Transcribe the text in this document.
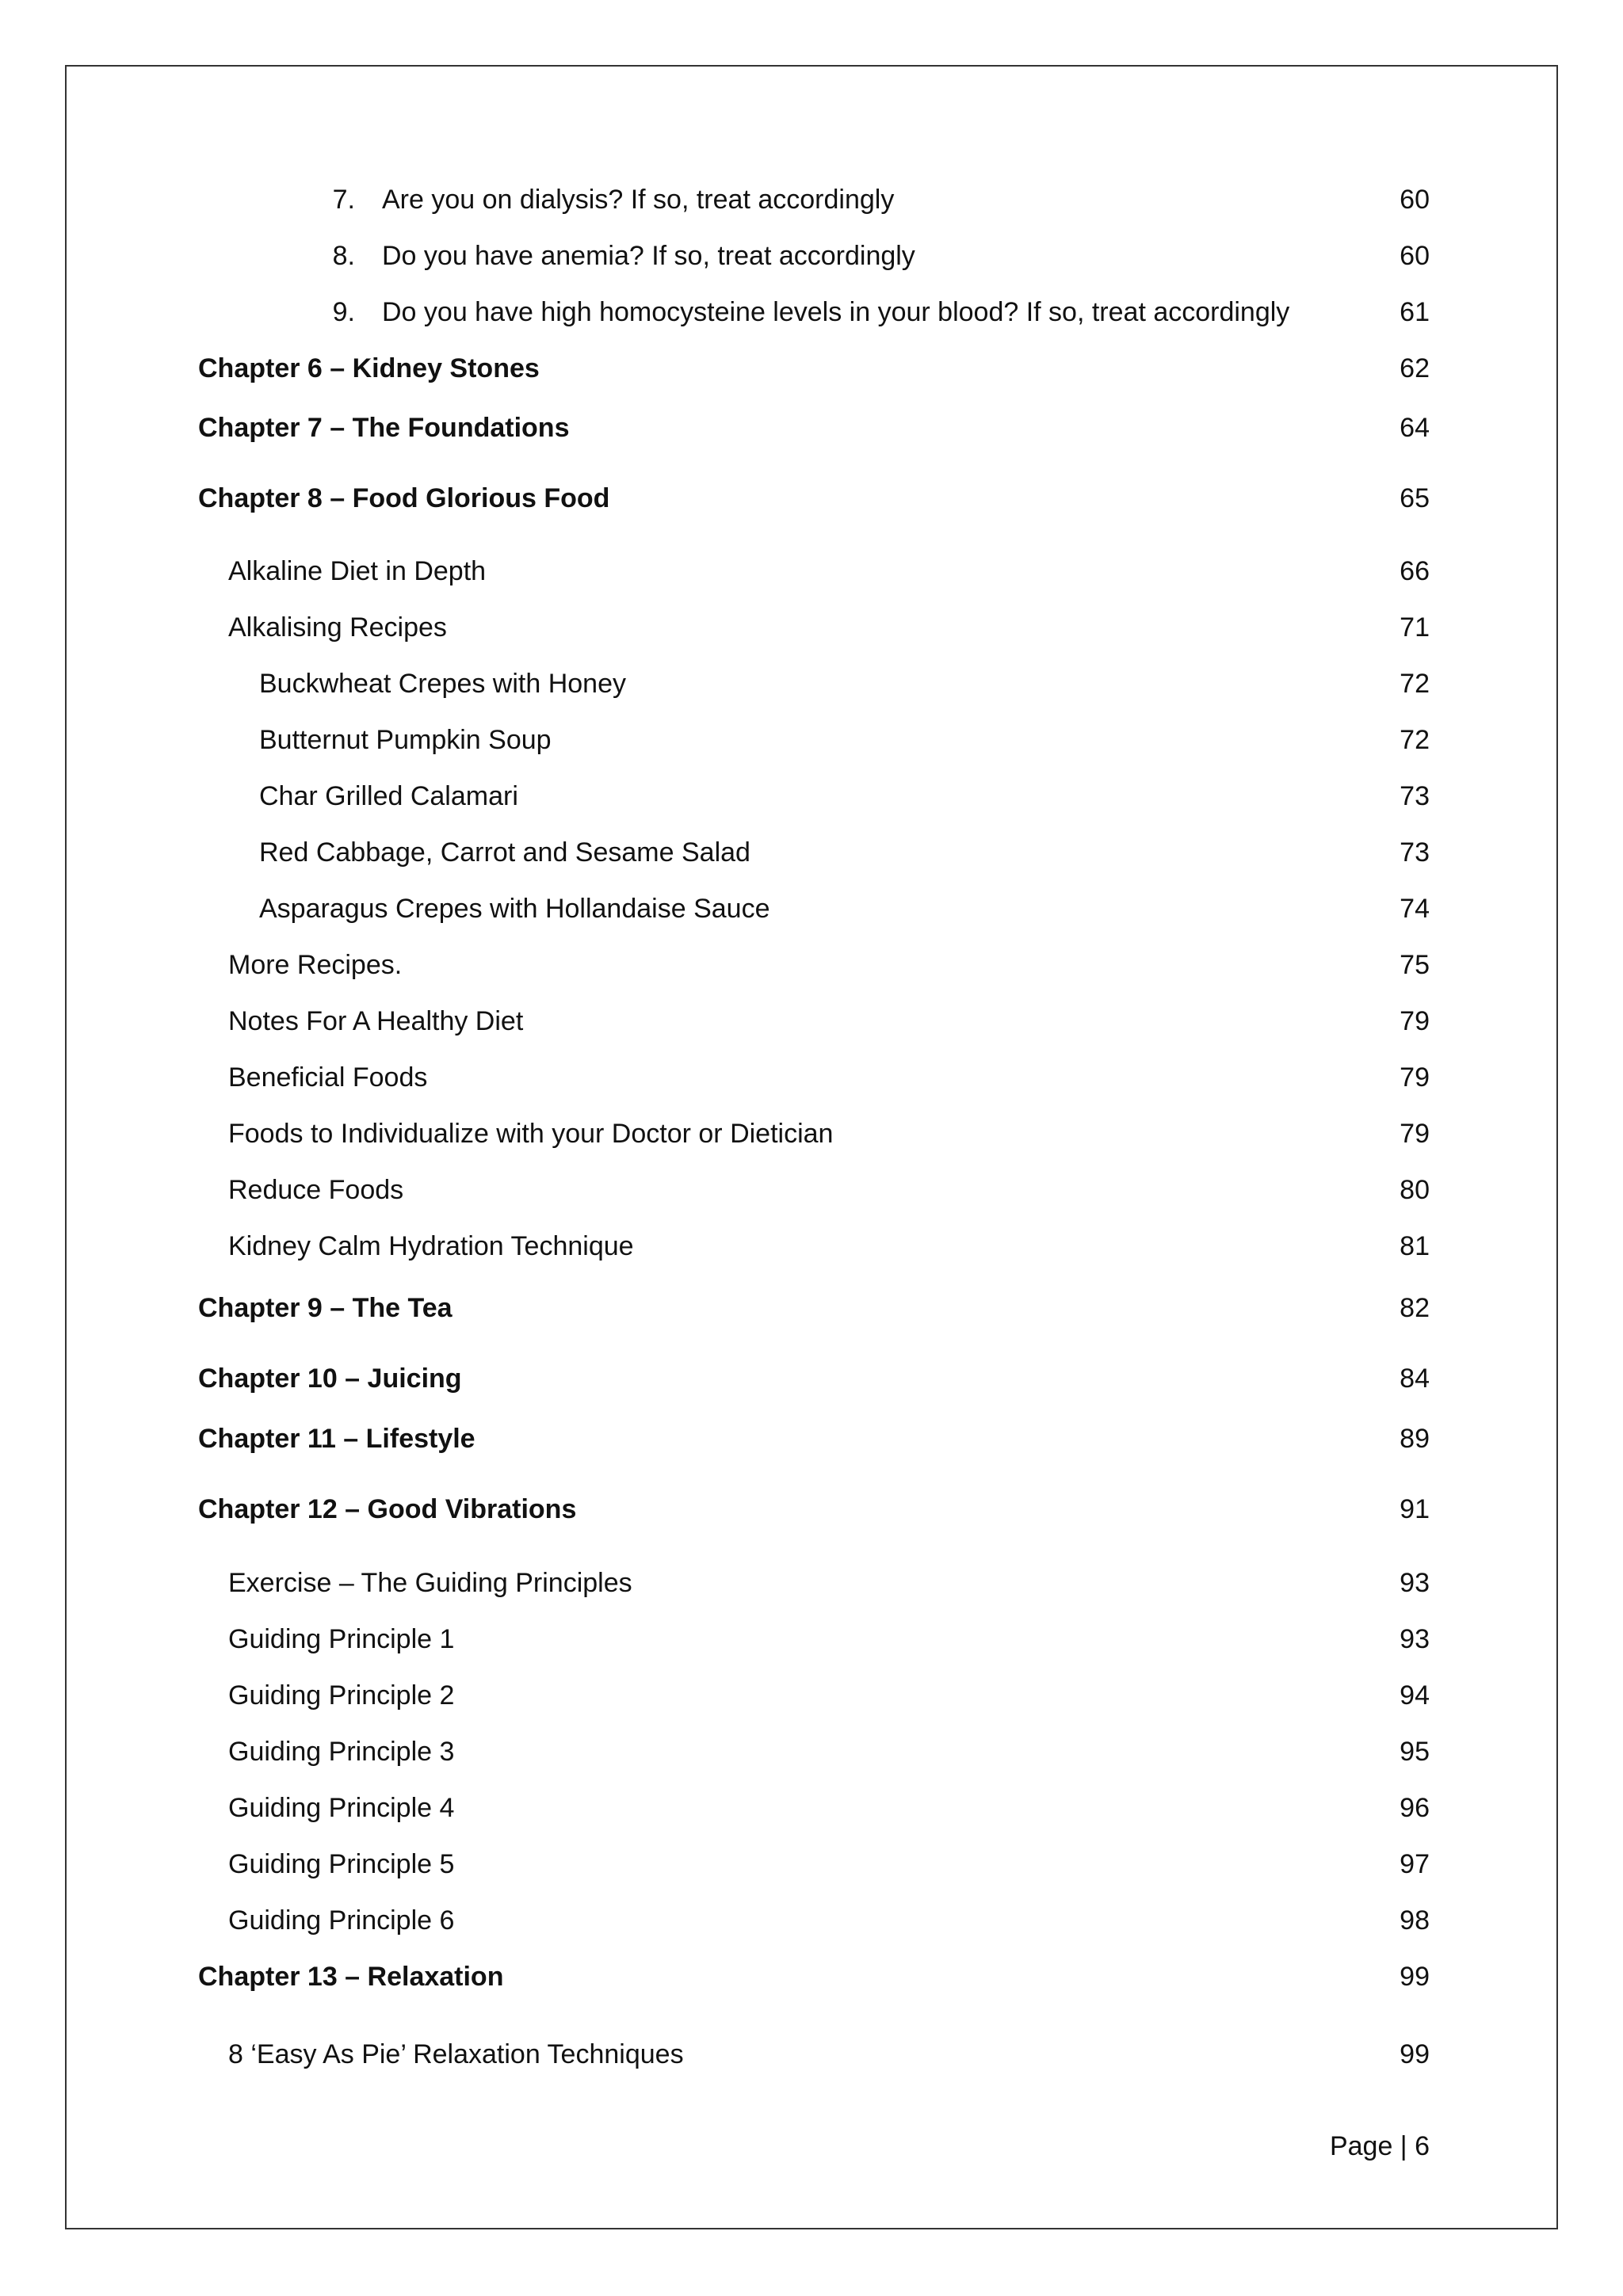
7. Are you on dialysis? If so, treat accordingly	60
8. Do you have anemia? If so, treat accordingly	60
9. Do you have high homocysteine levels in your blood? If so, treat accordingly	61
Chapter 6 – Kidney Stones	62
Chapter 7 – The Foundations	64
Chapter 8 – Food Glorious Food	65
Alkaline Diet in Depth	66
Alkalising Recipes	71
Buckwheat Crepes with Honey	72
Butternut Pumpkin Soup	72
Char Grilled Calamari	73
Red Cabbage, Carrot and Sesame Salad	73
Asparagus Crepes with Hollandaise Sauce	74
More Recipes.	75
Notes For A Healthy Diet	79
Beneficial Foods	79
Foods to Individualize with your Doctor or Dietician	79
Reduce Foods	80
Kidney Calm Hydration Technique	81
Chapter 9 – The Tea	82
Chapter 10 – Juicing	84
Chapter 11 – Lifestyle	89
Chapter 12 – Good Vibrations	91
Exercise – The Guiding Principles	93
Guiding Principle 1	93
Guiding Principle 2	94
Guiding Principle 3	95
Guiding Principle 4	96
Guiding Principle 5	97
Guiding Principle 6	98
Chapter 13 – Relaxation	99
8 ‘Easy As Pie’ Relaxation Techniques	99
Page | 6
